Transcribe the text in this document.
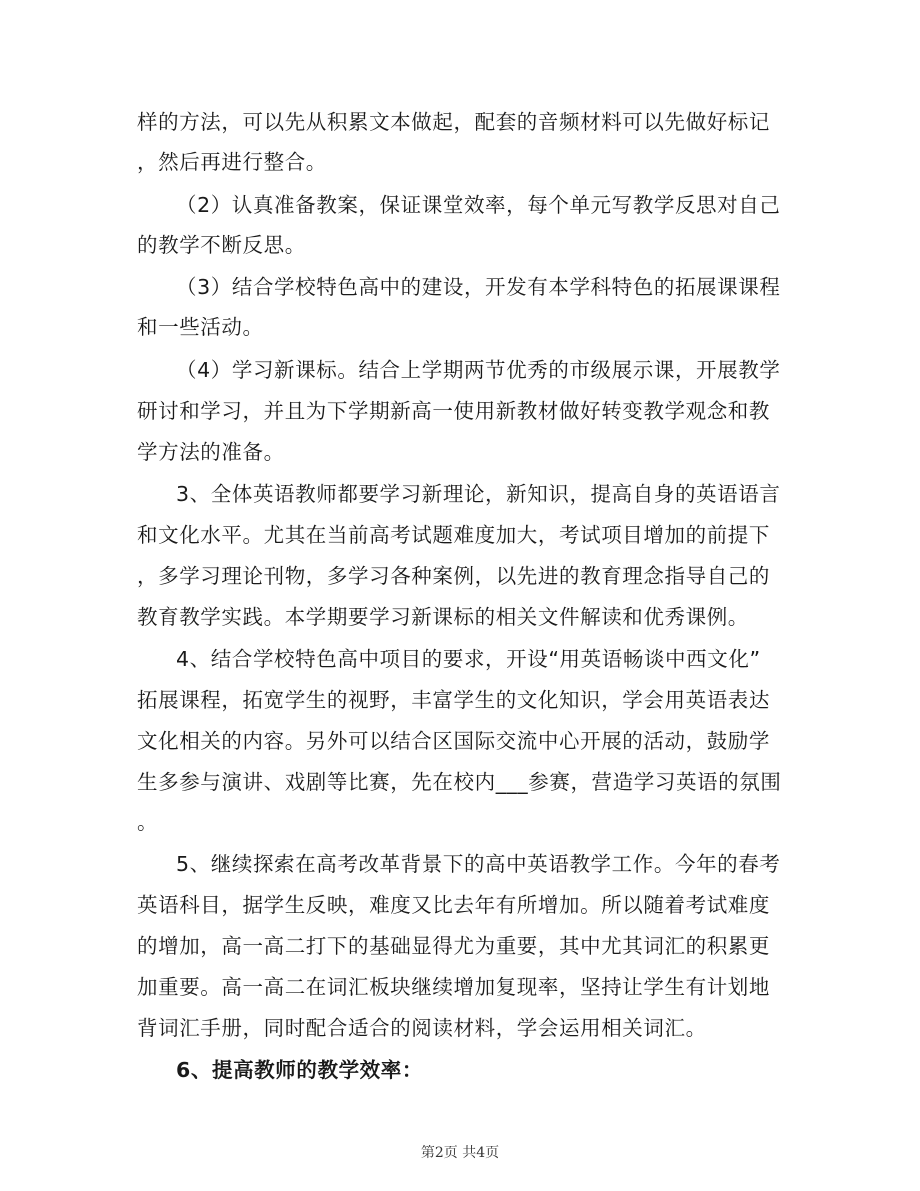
样的方法，可以先从积累文本做起，配套的音频材料可以先做好标记
，然后再进行整合。
（2）认真准备教案，保证课堂效率，每个单元写教学反思对自己
的教学不断反思。
（3）结合学校特色高中的建设，开发有本学科特色的拓展课课程
和一些活动。
（4）学习新课标。结合上学期两节优秀的市级展示课，开展教学
研讨和学习，并且为下学期新高一使用新教材做好转变教学观念和教
学方法的准备。
3、全体英语教师都要学习新理论，新知识，提高自身的英语语言
和文化水平。尤其在当前高考试题难度加大，考试项目增加的前提下
，多学习理论刊物，多学习各种案例，以先进的教育理念指导自己的
教育教学实践。本学期要学习新课标的相关文件解读和优秀课例。
4、结合学校特色高中项目的要求，开设“用英语畅谈中西文化”
拓展课程，拓宽学生的视野，丰富学生的文化知识，学会用英语表达
文化相关的内容。另外可以结合区国际交流中心开展的活动，鼓励学
生多参与演讲、戏剧等比赛，先在校内___参赛，营造学习英语的氛围
。
5、继续探索在高考改革背景下的高中英语教学工作。今年的春考
英语科目，据学生反映，难度又比去年有所增加。所以随着考试难度
的增加，高一高二打下的基础显得尤为重要，其中尤其词汇的积累更
加重要。高一高二在词汇板块继续增加复现率，坚持让学生有计划地
背词汇手册，同时配合适合的阅读材料，学会运用相关词汇。
6、提高教师的教学效率：
第2页 共4页
